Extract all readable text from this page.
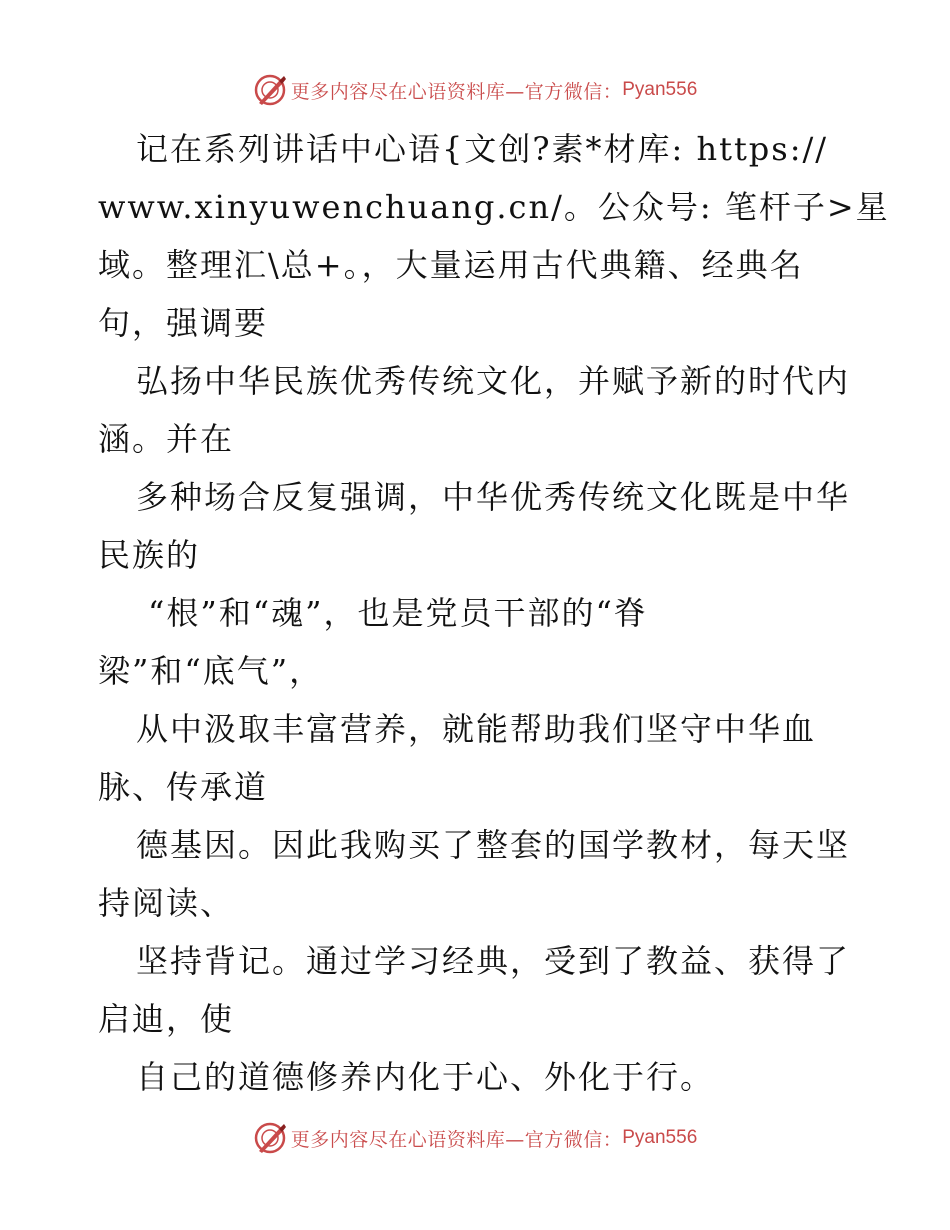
更多内容尽在心语资料库—官方微信： Pyan556
记在系列讲话中心语{文创?素*材库: https://
www.xinyuwenchuang.cn/。公众号: 笔杆子>星
域。整理汇\总+。，大量运用古代典籍、经典名
句，强调要
弘扬中华民族优秀传统文化，并赋予新的时代内
涵。并在
多种场合反复强调，中华优秀传统文化既是中华
民族的
“根”和“魂”，也是党员干部的“脊
梁”和“底气”，
从中汲取丰富营养，就能帮助我们坚守中华血
脉、传承道
德基因。因此我购买了整套的国学教材，每天坚
持阅读、
坚持背记。通过学习经典，受到了教益、获得了
启迪，使
自己的道德修养内化于心、外化于行。
更多内容尽在心语资料库—官方微信： Pyan556
